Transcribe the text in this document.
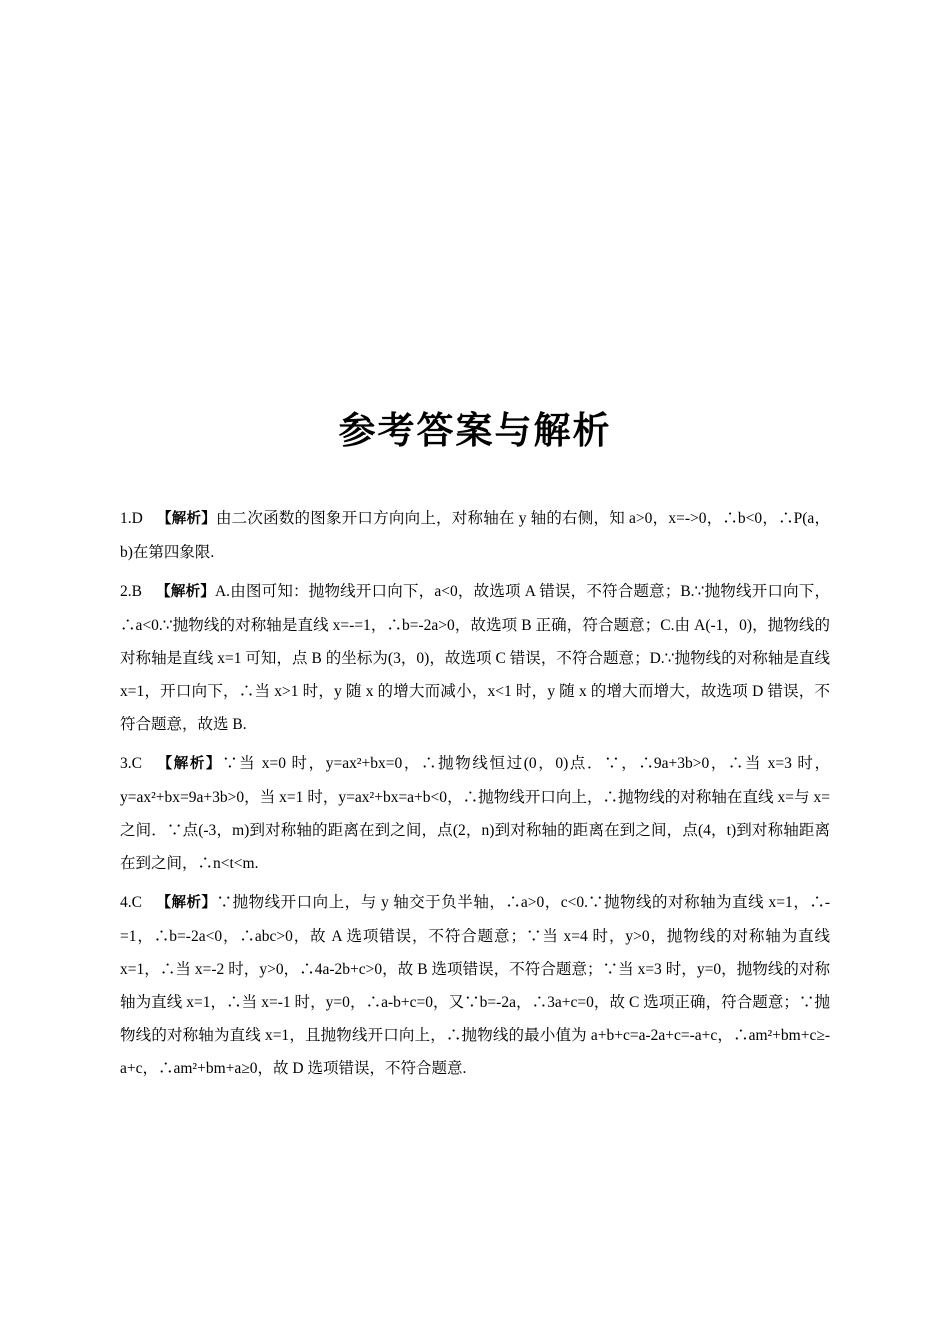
参考答案与解析

1.D 【解析】由二次函数的图象开口方向向上，对称轴在 y 轴的右侧，知 a>0，x=->0，∴b<0，∴P(a，b)在第四象限.

2.B 【解析】A.由图可知：抛物线开口向下，a<0，故选项 A 错误，不符合题意；B.∵抛物线开口向下，∴a<0.∵抛物线的对称轴是直线 x=-=1，∴b=-2a>0，故选项 B 正确，符合题意；C.由 A(-1，0)，抛物线的对称轴是直线 x=1 可知，点 B 的坐标为(3，0)，故选项 C 错误，不符合题意；D.∵抛物线的对称轴是直线 x=1，开口向下，∴当 x>1 时，y 随 x 的增大而减小，x<1 时，y 随 x 的增大而增大，故选项 D 错误，不符合题意，故选 B.

3.C 【解析】∵当 x=0 时，y=ax²+bx=0，∴抛物线恒过(0，0)点．∵，∴9a+3b>0，∴当 x=3 时，y=ax²+bx=9a+3b>0，当 x=1 时，y=ax²+bx=a+b<0，∴抛物线开口向上，∴抛物线的对称轴在直线 x=与 x=之间．∵点(-3，m)到对称轴的距离在到之间，点(2，n)到对称轴的距离在到之间，点(4，t)到对称轴距离在到之间，∴n<t<m.

4.C 【解析】∵抛物线开口向上，与 y 轴交于负半轴，∴a>0，c<0.∵抛物线的对称轴为直线 x=1，∴-=1，∴b=-2a<0，∴abc>0，故 A 选项错误，不符合题意；∵当 x=4 时，y>0，抛物线的对称轴为直线 x=1，∴当 x=-2 时，y>0，∴4a-2b+c>0，故 B 选项错误，不符合题意；∵当 x=3 时，y=0，抛物线的对称轴为直线 x=1，∴当 x=-1 时，y=0，∴a-b+c=0，又∵b=-2a，∴3a+c=0，故 C 选项正确，符合题意；∵抛物线的对称轴为直线 x=1，且抛物线开口向上，∴抛物线的最小值为 a+b+c=a-2a+c=-a+c，∴am²+bm+c≥-a+c，∴am²+bm+a≥0，故 D 选项错误，不符合题意.
